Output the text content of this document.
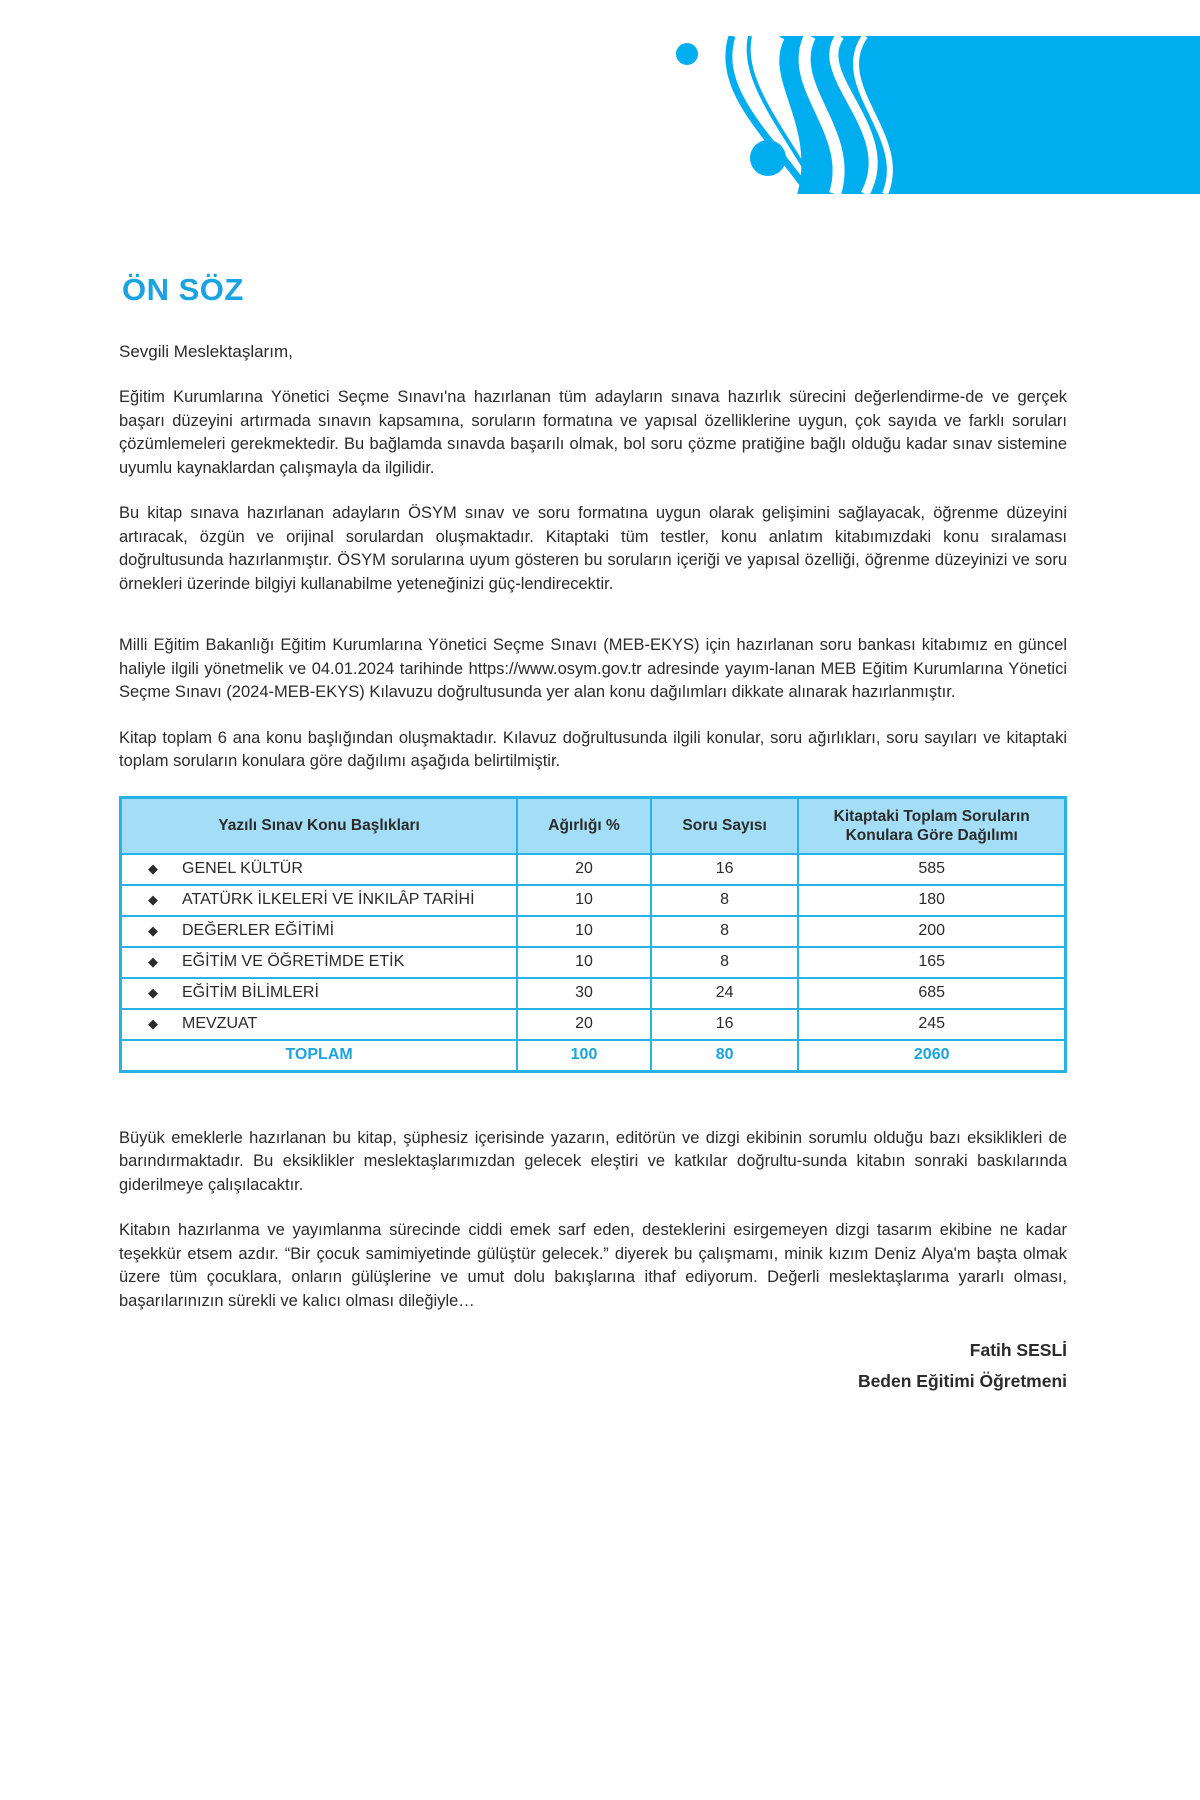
ÖN SÖZ

Sevgili Meslektaşlarım,

Eğitim Kurumlarına Yönetici Seçme Sınavı'na hazırlanan tüm adayların sınava hazırlık sürecini değerlendirme-de ve gerçek başarı düzeyini artırmada sınavın kapsamına, soruların formatına ve yapısal özelliklerine uygun, çok sayıda ve farklı soruları çözümlemeleri gerekmektedir. Bu bağlamda sınavda başarılı olmak, bol soru çözme pratiğine bağlı olduğu kadar sınav sistemine uyumlu kaynaklardan çalışmayla da ilgilidir.

Bu kitap sınava hazırlanan adayların ÖSYM sınav ve soru formatına uygun olarak gelişimini sağlayacak, öğrenme düzeyini artıracak, özgün ve orijinal sorulardan oluşmaktadır. Kitaptaki tüm testler, konu anlatım kitabımızdaki konu sıralaması doğrultusunda hazırlanmıştır. ÖSYM sorularına uyum gösteren bu soruların içeriği ve yapısal özelliği, öğrenme düzeyinizi ve soru örnekleri üzerinde bilgiyi kullanabilme yeteneğinizi güç-lendirecektir.

Milli Eğitim Bakanlığı Eğitim Kurumlarına Yönetici Seçme Sınavı (MEB-EKYS) için hazırlanan soru bankası kitabımız en güncel haliyle ilgili yönetmelik ve 04.01.2024 tarihinde https://www.osym.gov.tr adresinde yayım-lanan MEB Eğitim Kurumlarına Yönetici Seçme Sınavı (2024-MEB-EKYS) Kılavuzu doğrultusunda yer alan konu dağılımları dikkate alınarak hazırlanmıştır.

Kitap toplam 6 ana konu başlığından oluşmaktadır. Kılavuz doğrultusunda ilgili konular, soru ağırlıkları, soru sayıları ve kitaptaki toplam soruların konulara göre dağılımı aşağıda belirtilmiştir.

Yazılı Sınav Konu Başlıkları	Ağırlığı %	Soru Sayısı	Kitaptaki Toplam Soruların Konulara Göre Dağılımı
◆ GENEL KÜLTÜR	20	16	585
◆ ATATÜRK İLKELERİ VE İNKILÂP TARİHİ	10	8	180
◆ DEĞERLER EĞİTİMİ	10	8	200
◆ EĞİTİM VE ÖĞRETİMDE ETİK	10	8	165
◆ EĞİTİM BİLİMLERİ	30	24	685
◆ MEVZUAT	20	16	245
TOPLAM	100	80	2060

Büyük emeklerle hazırlanan bu kitap, şüphesiz içerisinde yazarın, editörün ve dizgi ekibinin sorumlu olduğu bazı eksiklikleri de barındırmaktadır. Bu eksiklikler meslektaşlarımızdan gelecek eleştiri ve katkılar doğrultu-sunda kitabın sonraki baskılarında giderilmeye çalışılacaktır.

Kitabın hazırlanma ve yayımlanma sürecinde ciddi emek sarf eden, desteklerini esirgemeyen dizgi tasarım ekibine ne kadar teşekkür etsem azdır. “Bir çocuk samimiyetinde gülüştür gelecek.” diyerek bu çalışmamı, minik kızım Deniz Alya'm başta olmak üzere tüm çocuklara, onların gülüşlerine ve umut dolu bakışlarına ithaf ediyorum. Değerli meslektaşlarıma yararlı olması, başarılarınızın sürekli ve kalıcı olması dileğiyle…

Fatih SESLİ
Beden Eğitimi Öğretmeni
